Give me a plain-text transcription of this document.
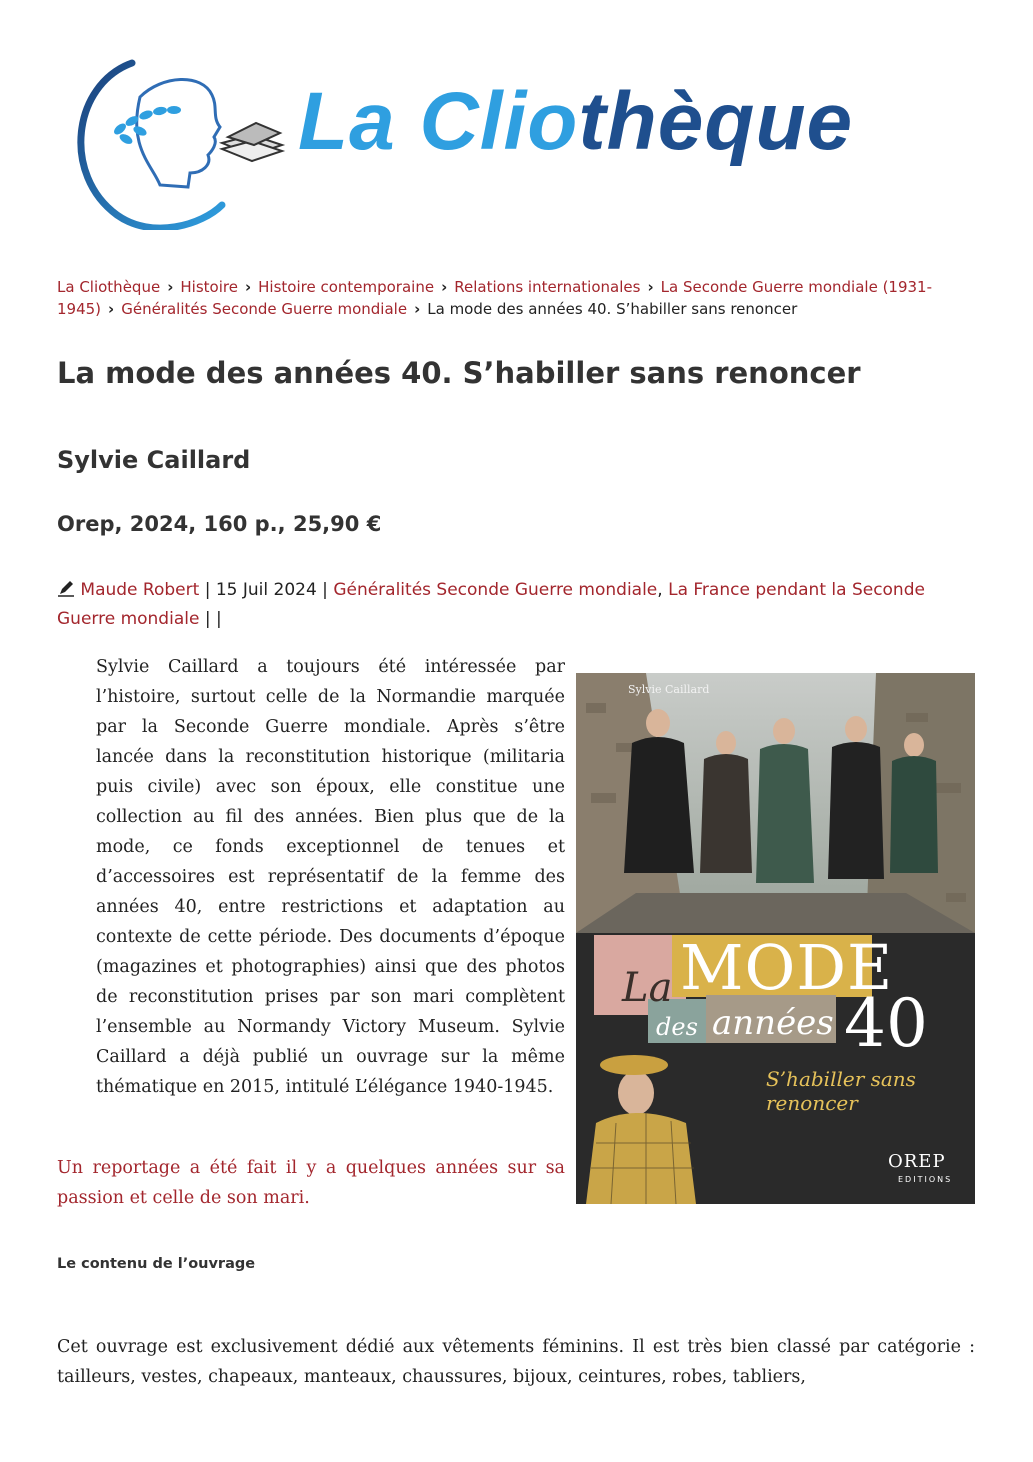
La Cliothèque
La Cliothèque › Histoire › Histoire contemporaine › Relations internationales › La Seconde Guerre mondiale (1931-1945) › Généralités Seconde Guerre mondiale › La mode des années 40. S’habiller sans renoncer
La mode des années 40. S’habiller sans renoncer
Sylvie Caillard
Orep, 2024, 160 p., 25,90 €
Maude Robert | 15 Juil 2024 | Généralités Seconde Guerre mondiale, La France pendant la Seconde Guerre mondiale | |

Sylvie Caillard a toujours été intéressée par l’histoire, surtout celle de la Normandie marquée par la Seconde Guerre mondiale. Après s’être lancée dans la reconstitution historique (militaria puis civile) avec son époux, elle constitue une collection au fil des années. Bien plus que de la mode, ce fonds exceptionnel de tenues et d’accessoires est représentatif de la femme des années 40, entre restrictions et adaptation au contexte de cette période. Des documents d’époque (magazines et photographies) ainsi que des photos de reconstitution prises par son mari complètent l’ensemble au Normandy Victory Museum. Sylvie Caillard a déjà publié un ouvrage sur la même thématique en 2015, intitulé L’élégance 1940-1945.

Sylvie Caillard
La MODE
des années 40
S’habiller sans renoncer
OREP
EDITIONS

Un reportage a été fait il y a quelques années sur sa passion et celle de son mari.

Le contenu de l’ouvrage

Cet ouvrage est exclusivement dédié aux vêtements féminins. Il est très bien classé par catégorie : tailleurs, vestes, chapeaux, manteaux, chaussures, bijoux, ceintures, robes, tabliers,
